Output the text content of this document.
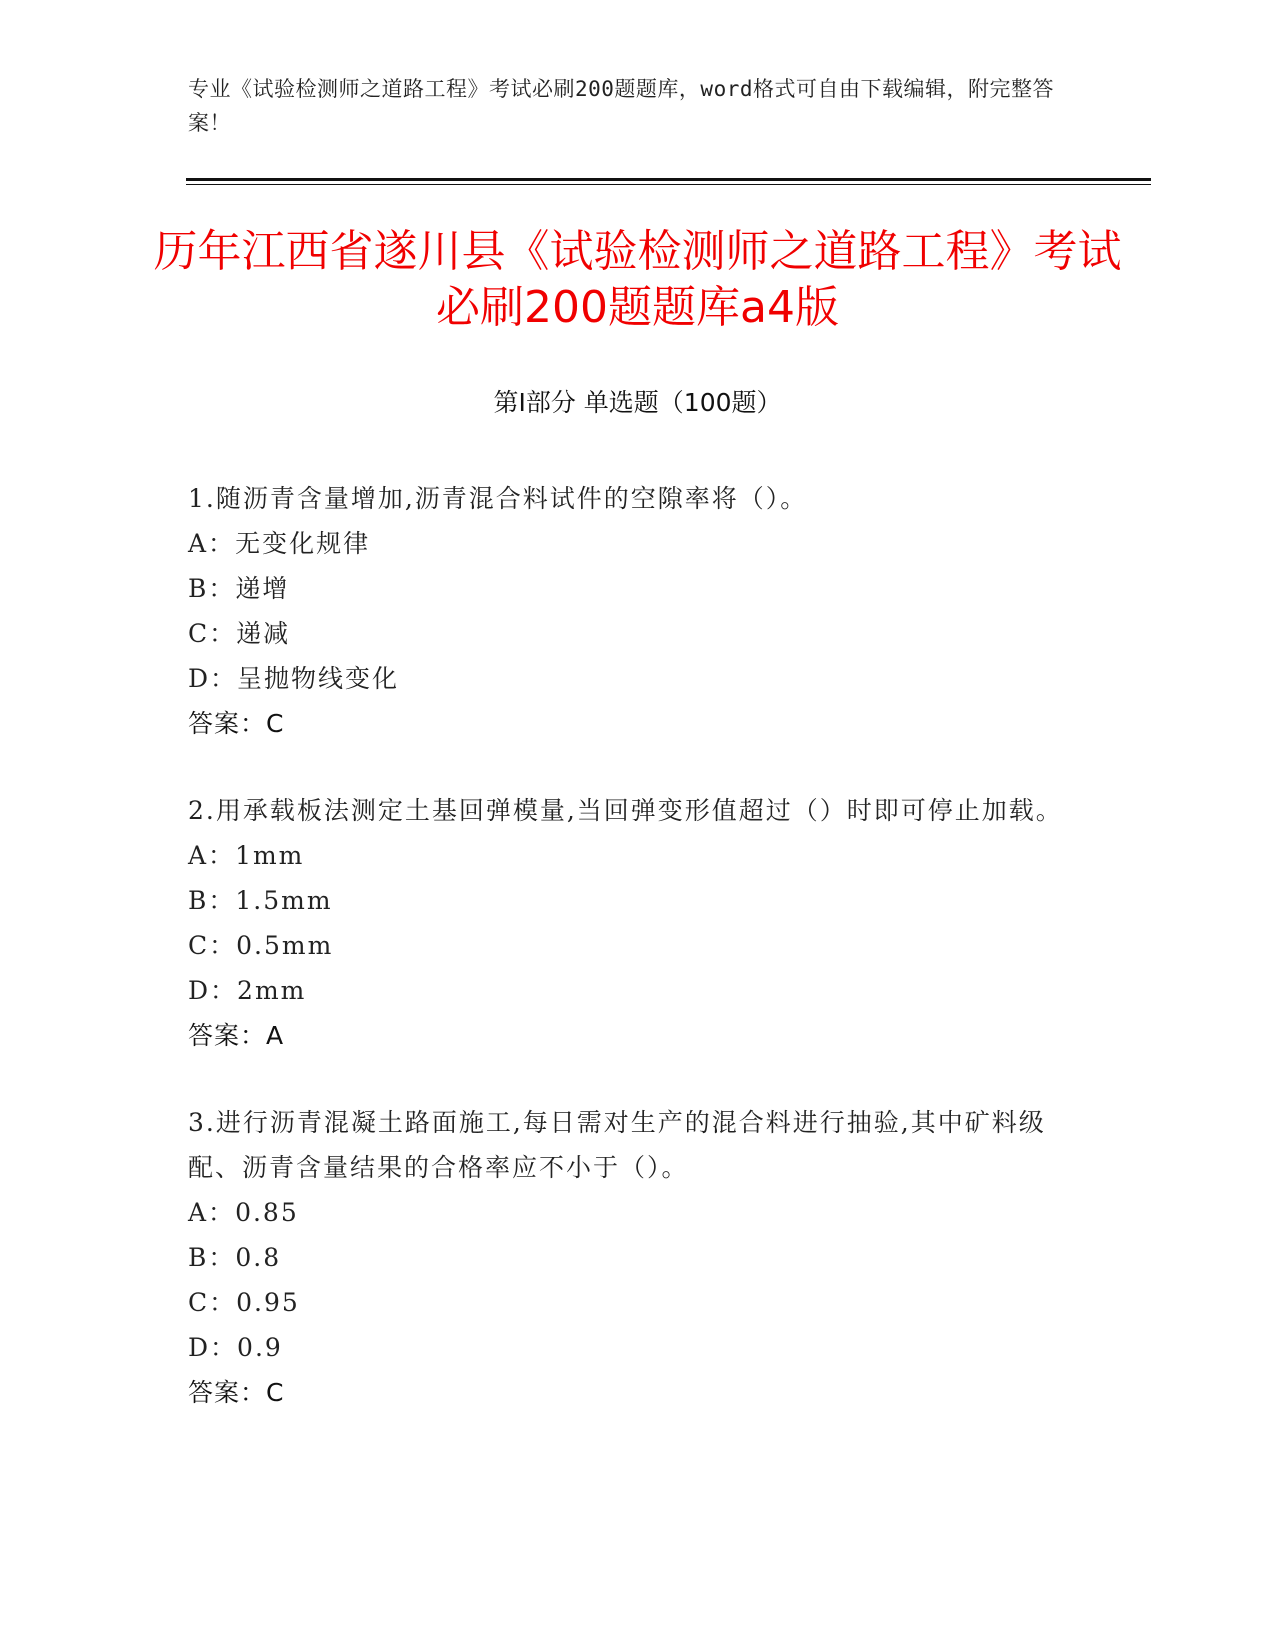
专业《试验检测师之道路工程》考试必刷200题题库，word格式可自由下载编辑，附完整答案！
历年江西省遂川县《试验检测师之道路工程》考试必刷200题题库a4版
第I部分 单选题（100题）
1.随沥青含量增加,沥青混合料试件的空隙率将（）。
A：无变化规律
B：递增
C：递减
D：呈抛物线变化
答案：C
2.用承载板法测定土基回弹模量,当回弹变形值超过（）时即可停止加载。
A：1mm
B：1.5mm
C：0.5mm
D：2mm
答案：A
3.进行沥青混凝土路面施工,每日需对生产的混合料进行抽验,其中矿料级配、沥青含量结果的合格率应不小于（）。
A：0.85
B：0.8
C：0.95
D：0.9
答案：C
